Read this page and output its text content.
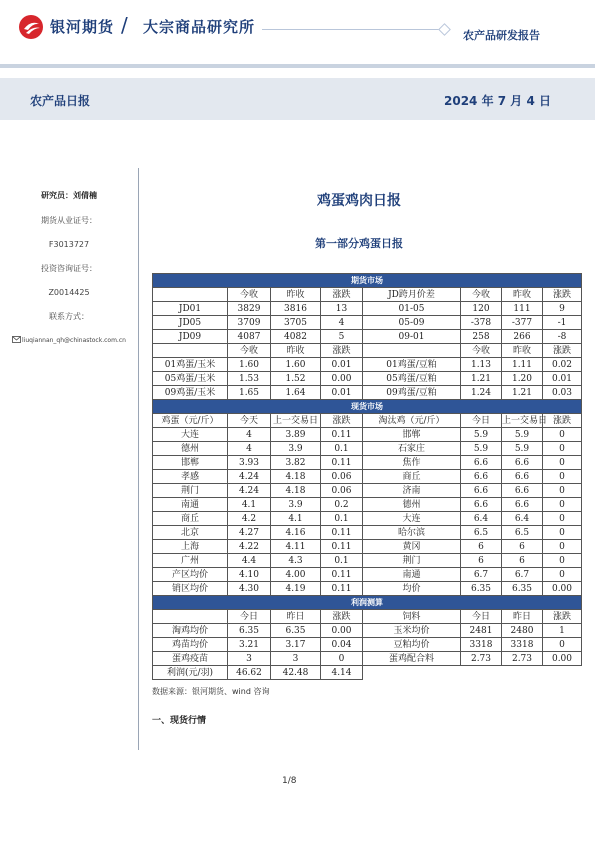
银河期货 / 大宗商品研究所	农产品研发报告
农产品日报	2024 年 7 月 4 日
研究员：刘倩楠
期货从业证号：
F3013727
投资咨询证号：
Z0014425
联系方式：
liuqiannan_qh@chinastock.com.cn
鸡蛋鸡肉日报
第一部分鸡蛋日报
期货市场							
	今收	昨收	涨跌	JD跨月价差	今收	昨收	涨跌
JD01	3829	3816	13	01-05	120	111	9
JD05	3709	3705	4	05-09	-378	-377	-1
JD09	4087	4082	5	09-01	258	266	-8
	今收	昨收	涨跌		今收	昨收	涨跌
01鸡蛋/玉米	1.60	1.60	0.01	01鸡蛋/豆粕	1.13	1.11	0.02
05鸡蛋/玉米	1.53	1.52	0.00	05鸡蛋/豆粕	1.21	1.20	0.01
09鸡蛋/玉米	1.65	1.64	0.01	09鸡蛋/豆粕	1.24	1.21	0.03
现货市场							
鸡蛋（元/斤）	今天	上一交易日	涨跌	淘汰鸡（元/斤）	今日	上一交易日	涨跌
大连	4	3.89	0.11	邯郸	5.9	5.9	0
德州	4	3.9	0.1	石家庄	5.9	5.9	0
邯郸	3.93	3.82	0.11	焦作	6.6	6.6	0
孝感	4.24	4.18	0.06	商丘	6.6	6.6	0
荆门	4.24	4.18	0.06	济南	6.6	6.6	0
南通	4.1	3.9	0.2	德州	6.6	6.6	0
商丘	4.2	4.1	0.1	大连	6.4	6.4	0
北京	4.27	4.16	0.11	哈尔滨	6.5	6.5	0
上海	4.22	4.11	0.11	黄冈	6	6	0
广州	4.4	4.3	0.1	荆门	6	6	0
产区均价	4.10	4.00	0.11	南通	6.7	6.7	0
销区均价	4.30	4.19	0.11	均价	6.35	6.35	0.00
利润测算							
	今日	昨日	涨跌	饲料	今日	昨日	涨跌
淘鸡均价	6.35	6.35	0.00	玉米均价	2481	2480	1
鸡苗均价	3.21	3.17	0.04	豆粕均价	3318	3318	0
蛋鸡疫苗	3	3	0	蛋鸡配合料	2.73	2.73	0.00
利润(元/羽)	46.62	42.48	4.14				
数据来源：银河期货、wind 咨询
一、现货行情
1/8
